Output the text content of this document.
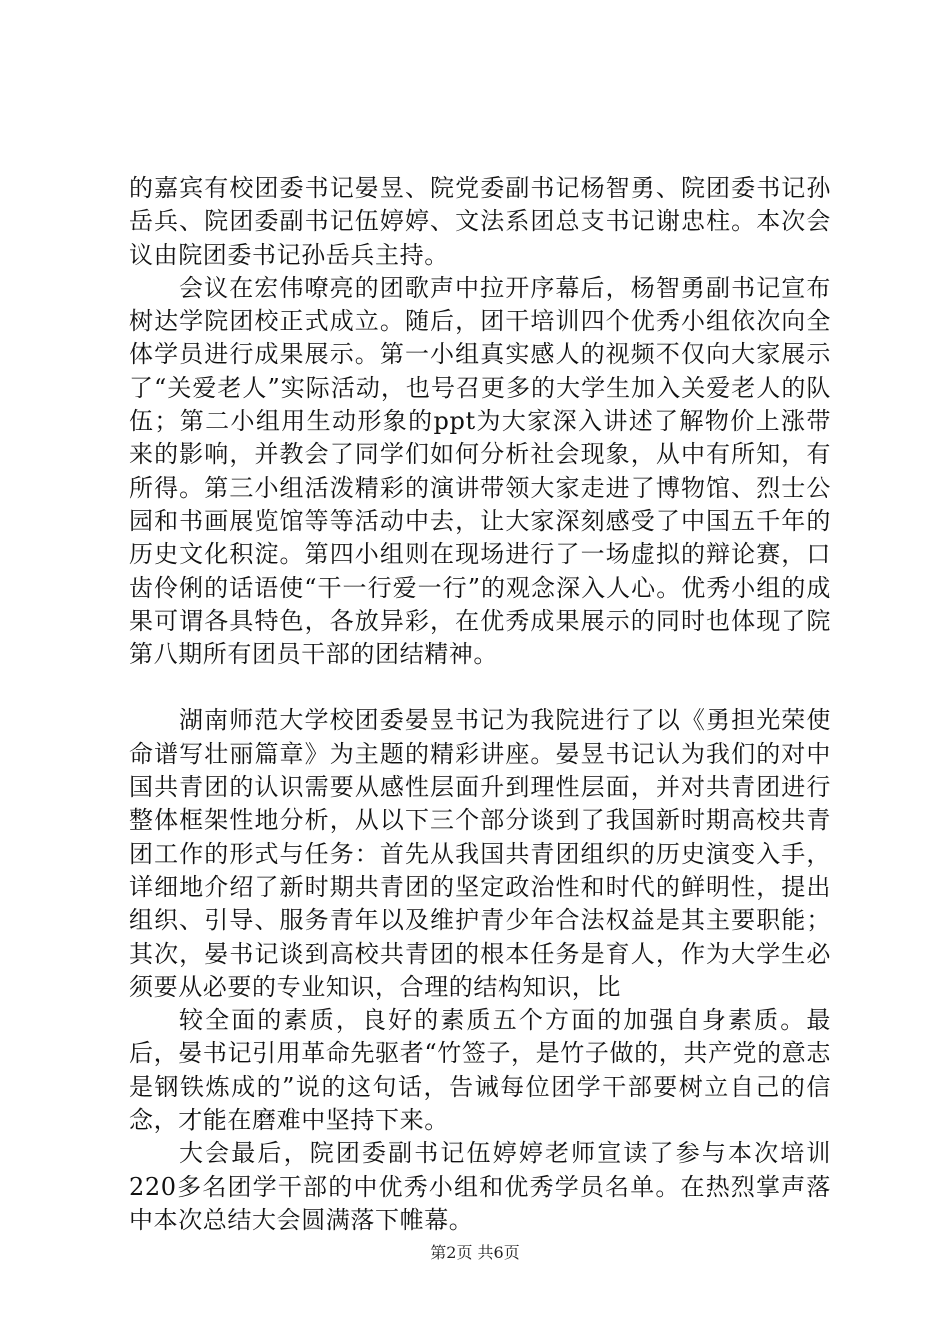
的嘉宾有校团委书记晏昱、院党委副书记杨智勇、院团委书记孙岳兵、院团委副书记伍婷婷、文法系团总支书记谢忠柱。本次会议由院团委书记孙岳兵主持。

会议在宏伟嘹亮的团歌声中拉开序幕后，杨智勇副书记宣布树达学院团校正式成立。随后，团干培训四个优秀小组依次向全体学员进行成果展示。第一小组真实感人的视频不仅向大家展示了“关爱老人”实际活动，也号召更多的大学生加入关爱老人的队伍；第二小组用生动形象的ppt为大家深入讲述了解物价上涨带来的影响，并教会了同学们如何分析社会现象，从中有所知，有所得。第三小组活泼精彩的演讲带领大家走进了博物馆、烈士公园和书画展览馆等等活动中去，让大家深刻感受了中国五千年的历史文化积淀。第四小组则在现场进行了一场虚拟的辩论赛，口齿伶俐的话语使“干一行爱一行”的观念深入人心。优秀小组的成果可谓各具特色，各放异彩，在优秀成果展示的同时也体现了院第八期所有团员干部的团结精神。

湖南师范大学校团委晏昱书记为我院进行了以《勇担光荣使命谱写壮丽篇章》为主题的精彩讲座。晏昱书记认为我们的对中国共青团的认识需要从感性层面升到理性层面，并对共青团进行整体框架性地分析，从以下三个部分谈到了我国新时期高校共青团工作的形式与任务：首先从我国共青团组织的历史演变入手，详细地介绍了新时期共青团的坚定政治性和时代的鲜明性，提出组织、引导、服务青年以及维护青少年合法权益是其主要职能；其次，晏书记谈到高校共青团的根本任务是育人，作为大学生必须要从必要的专业知识，合理的结构知识，比

较全面的素质，良好的素质五个方面的加强自身素质。最后，晏书记引用革命先驱者“竹签子，是竹子做的，共产党的意志是钢铁炼成的”说的这句话，告诫每位团学干部要树立自己的信念，才能在磨难中坚持下来。

大会最后，院团委副书记伍婷婷老师宣读了参与本次培训220多名团学干部的中优秀小组和优秀学员名单。在热烈掌声落中本次总结大会圆满落下帷幕。

第2页 共6页
